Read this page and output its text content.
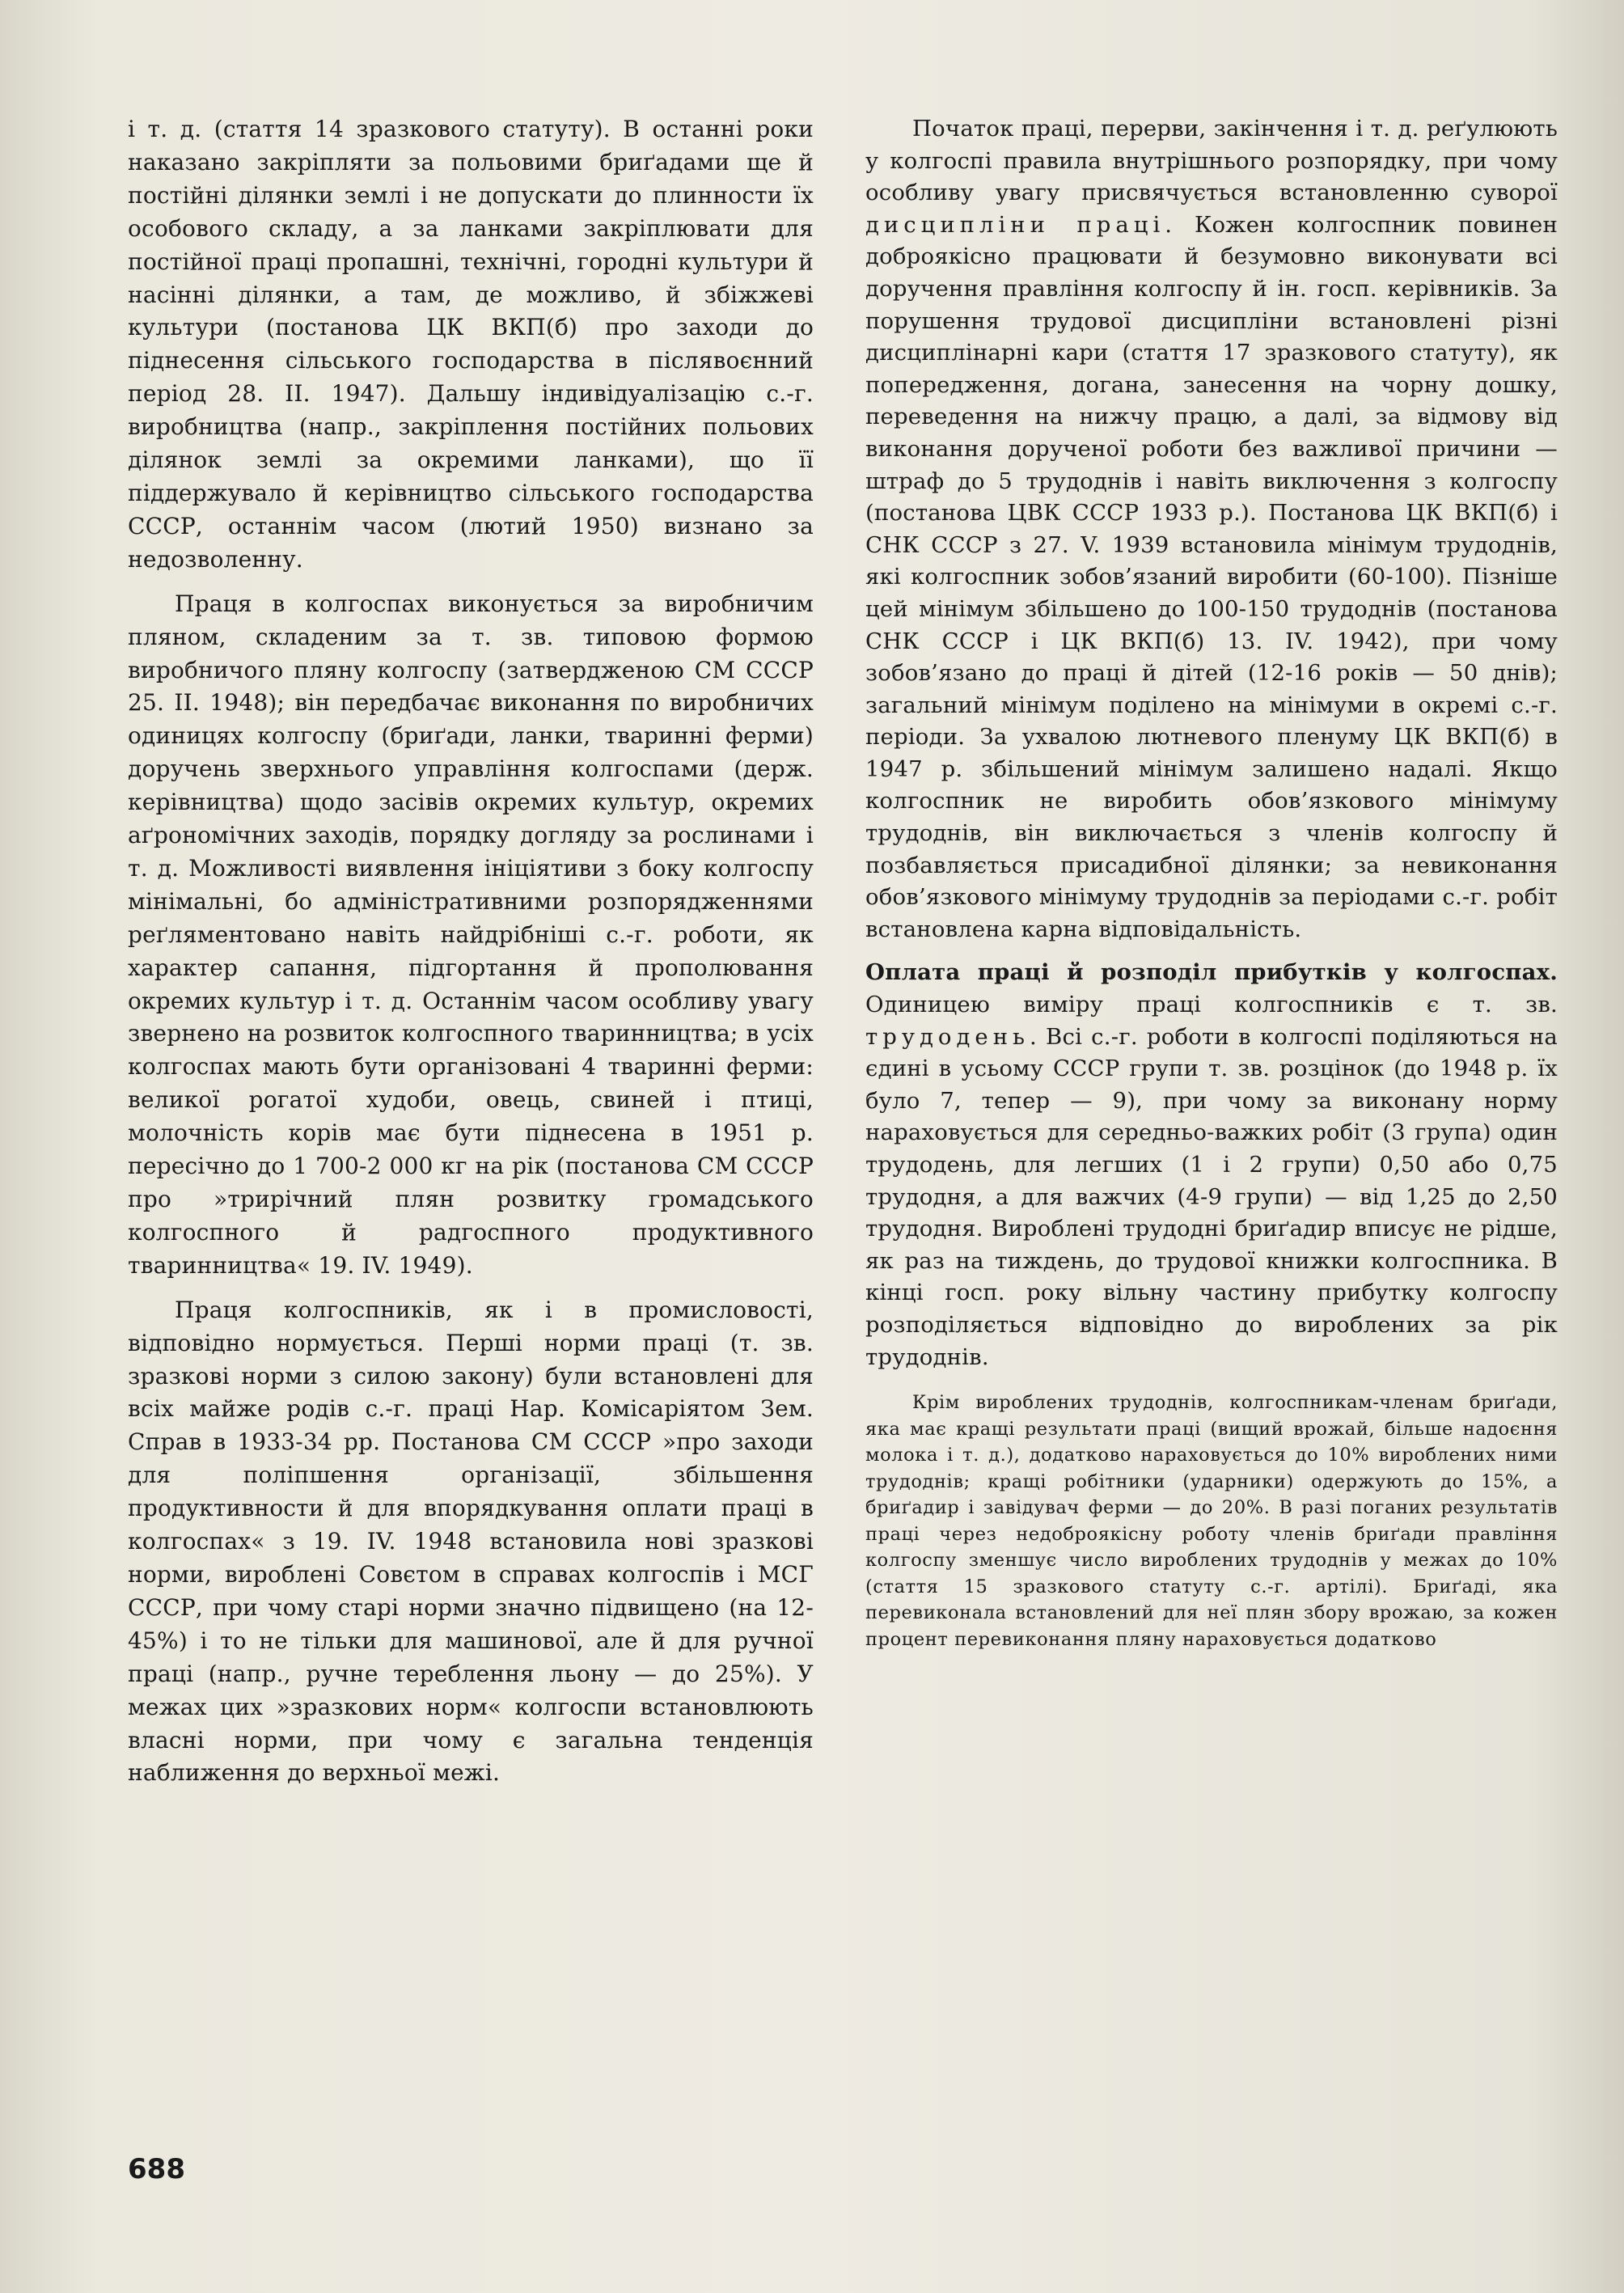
і т. д. (стаття 14 зразкового статуту). В останні роки наказано закріпляти за польовими бриґадами ще й постійні ділянки землі і не допускати до плинности їх особового складу, а за ланками закріплювати для постійної праці пропашні, технічні, городні культури й насінні ділянки, а там, де можливо, й збіжжеві культури (постанова ЦК ВКП(б) про заходи до піднесення сільського господарства в післявоєнний період 28. II. 1947). Дальшу індивідуалізацію с.-г. виробництва (напр., закріплення постійних польових ділянок землі за окремими ланками), що її піддержувало й керівництво сільського господарства СССР, останнім часом (лютий 1950) визнано за недозволенну.

Праця в колгоспах виконується за виробничим пляном, складеним за т. зв. типовою формою виробничого пляну колгоспу (затвердженою СМ СССР 25. II. 1948); він передбачає виконання по виробничих одиницях колгоспу (бриґади, ланки, тваринні ферми) доручень зверхнього управління колгоспами (держ. керівництва) щодо засівів окремих культур, окремих аґрономічних заходів, порядку догляду за рослинами і т. д. Можливості виявлення ініціятиви з боку колгоспу мінімальні, бо адміністративними розпорядженнями реґляментовано навіть найдрібніші с.-г. роботи, як характер сапання, підгортання й прополювання окремих культур і т. д. Останнім часом особливу увагу звернено на розвиток колгоспного тваринництва; в усіх колгоспах мають бути організовані 4 тваринні ферми: великої рогатої худоби, овець, свиней і птиці, молочність корів має бути піднесена в 1951 р. пересічно до 1 700-2 000 кг на рік (постанова СМ СССР про »трирічний плян розвитку громадського колгоспного й радгоспного продуктивного тваринництва« 19. IV. 1949).

Праця колгоспників, як і в промисловості, відповідно нормується. Перші норми праці (т. зв. зразкові норми з силою закону) були встановлені для всіх майже родів с.-г. праці Нар. Комісаріятом Зем. Справ в 1933-34 рр. Постанова СМ СССР »про заходи для поліпшення організації, збільшення продуктивности й для впорядкування оплати праці в колгоспах« з 19. IV. 1948 встановила нові зразкові норми, вироблені Совєтом в справах колгоспів і МСГ СССР, при чому старі норми значно підвищено (на 12-45%) і то не тільки для машинової, але й для ручної праці (напр., ручне тереблення льону — до 25%). У межах цих »зразкових норм« колгоспи встановлюють власні норми, при чому є загальна тенденція наближення до верхньої межі.

Початок праці, перерви, закінчення і т. д. реґулюють у колгоспі правила внутрішнього розпорядку, при чому особливу увагу присвячується встановленню суворої дисципліни праці. Кожен колгоспник повинен доброякісно працювати й безумовно виконувати всі доручення правління колгоспу й ін. госп. керівників. За порушення трудової дисципліни встановлені різні дисциплінарні кари (стаття 17 зразкового статуту), як попередження, догана, занесення на чорну дошку, переведення на нижчу працю, а далі, за відмову від виконання дорученої роботи без важливої причини — штраф до 5 трудоднів і навіть виключення з колгоспу (постанова ЦВК СССР 1933 р.). Постанова ЦК ВКП(б) і СНК СССР з 27. V. 1939 встановила мінімум трудоднів, які колгоспник зобов’язаний виробити (60-100). Пізніше цей мінімум збільшено до 100-150 трудоднів (постанова СНК СССР і ЦК ВКП(б) 13. IV. 1942), при чому зобов’язано до праці й дітей (12-16 років — 50 днів); загальний мінімум поділено на мінімуми в окремі с.-г. періоди. За ухвалою лютневого пленуму ЦК ВКП(б) в 1947 р. збільшений мінімум залишено надалі. Якщо колгоспник не виробить обов’язкового мінімуму трудоднів, він виключається з членів колгоспу й позбавляється присадибної ділянки; за невиконання обов’язкового мінімуму трудоднів за періодами с.-г. робіт встановлена карна відповідальність.

Оплата праці й розподіл прибутків у колгоспах. Одиницею виміру праці колгоспників є т. зв. трудодень. Всі с.-г. роботи в колгоспі поділяються на єдині в усьому СССР групи т. зв. розцінок (до 1948 р. їх було 7, тепер — 9), при чому за виконану норму нараховується для середньо-важких робіт (3 група) один трудодень, для легших (1 і 2 групи) 0,50 або 0,75 трудодня, а для важчих (4-9 групи) — від 1,25 до 2,50 трудодня. Вироблені трудодні бриґадир вписує не рідше, як раз на тиждень, до трудової книжки колгоспника. В кінці госп. року вільну частину прибутку колгоспу розподіляється відповідно до вироблених за рік трудоднів.

Крім вироблених трудоднів, колгоспникам-членам бриґади, яка має кращі результати праці (вищий врожай, більше надоєння молока і т. д.), додатково нараховується до 10% вироблених ними трудоднів; кращі робітники (ударники) одержують до 15%, а бриґадир і завідувач ферми — до 20%. В разі поганих результатів праці через недоброякісну роботу членів бриґади правління колгоспу зменшує число вироблених трудоднів у межах до 10% (стаття 15 зразкового статуту с.-г. артілі). Бриґаді, яка перевиконала встановлений для неї плян збору врожаю, за кожен процент перевиконання пляну нараховується додатково

688
